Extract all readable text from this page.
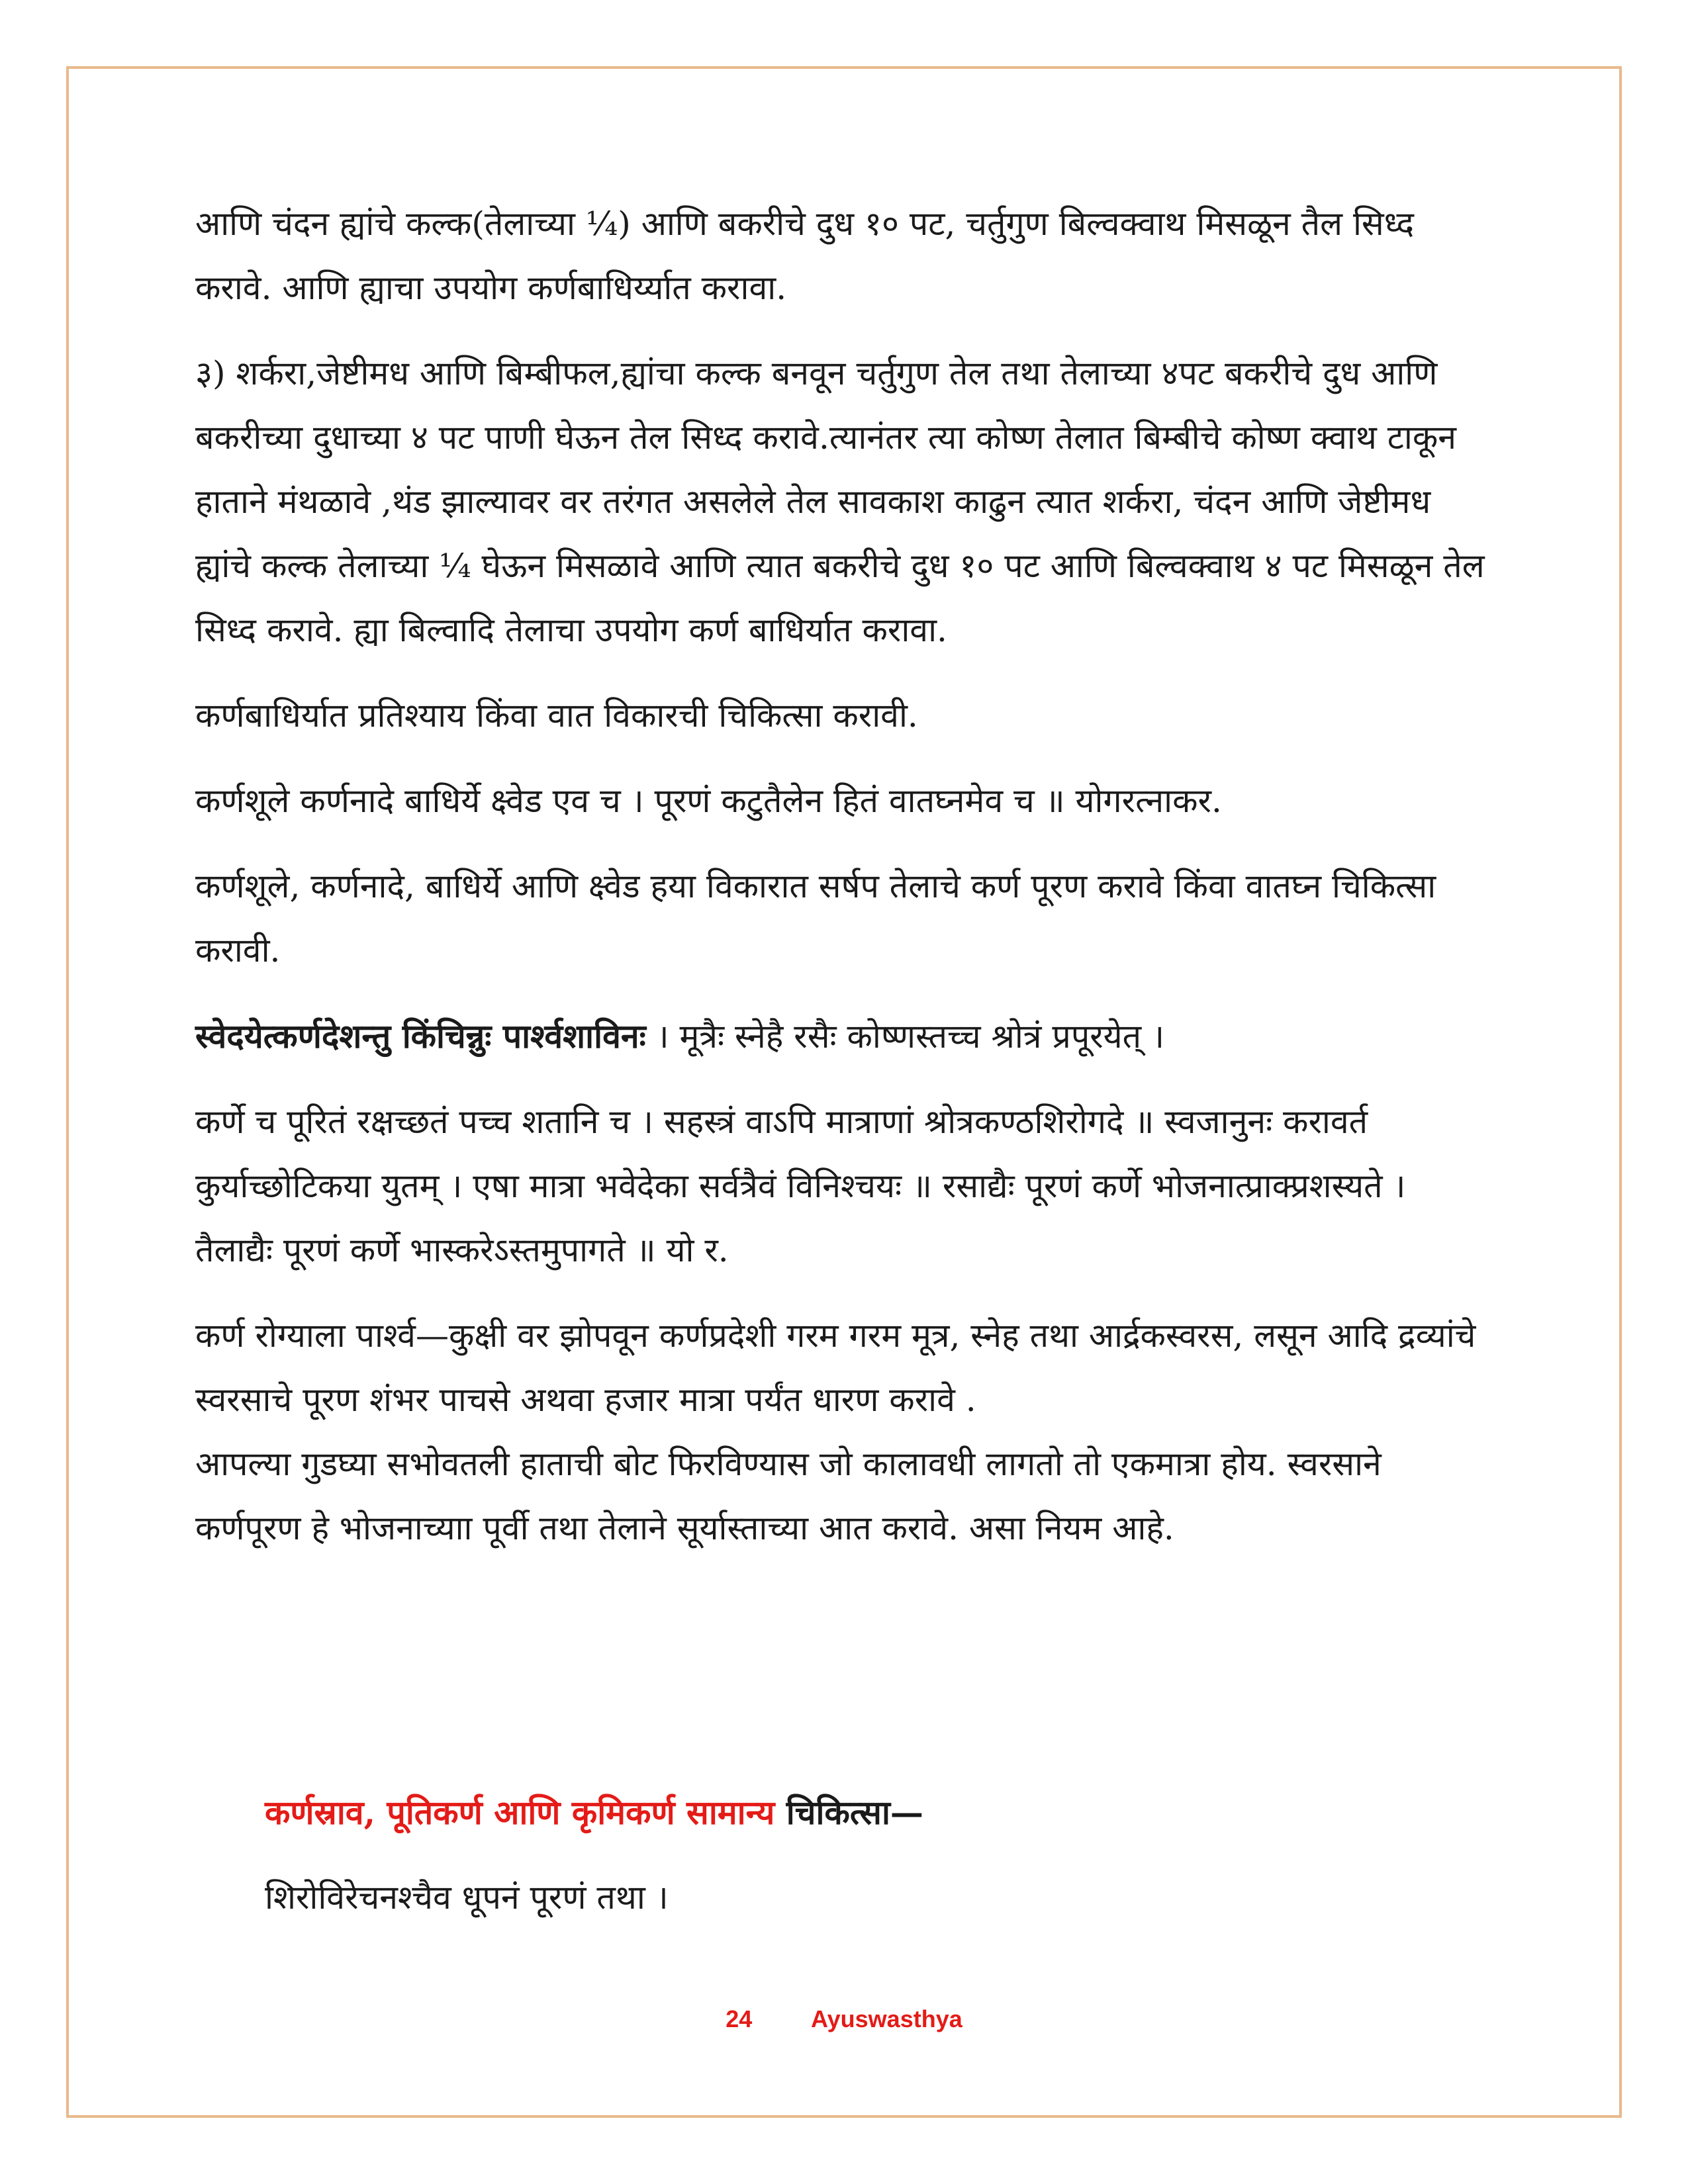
आणि चंदन ह्यांचे कल्क(तेलाच्या ¼) आणि बकरीचे दुध १० पट, चर्तुगुण बिल्वक्वाथ मिसळून तैल सिध्द करावे. आणि ह्याचा उपयोग कर्णबाधिर्य्यात करावा.

३) शर्करा,जेष्टीमध आणि बिम्बीफल,ह्यांचा कल्क बनवून चर्तुगुण तेल तथा तेलाच्या ४पट बकरीचे दुध आणि बकरीच्या दुधाच्या ४ पट पाणी घेऊन तेल सिध्द करावे.त्यानंतर त्या कोष्ण तेलात बिम्बीचे कोष्ण क्वाथ टाकून हाताने मंथळावे ,थंड झाल्यावर वर तरंगत असलेले तेल सावकाश काढुन त्यात शर्करा, चंदन आणि जेष्टीमध ह्यांचे कल्क तेलाच्या ¼ घेऊन मिसळावे आणि त्यात बकरीचे दुध १० पट आणि बिल्वक्वाथ ४ पट मिसळून तेल सिध्द करावे. ह्या बिल्वादि तेलाचा उपयोग कर्ण बाधिर्यात करावा.

कर्णबाधिर्यात प्रतिश्याय किंवा वात विकारची चिकित्सा करावी.

कर्णशूले कर्णनादे बाधिर्ये क्ष्वेड एव च । पूरणं कटुतैलेन हितं वातघ्नमेव च ॥ योगरत्नाकर.

कर्णशूले, कर्णनादे, बाधिर्ये आणि क्ष्वेड हया विकारात सर्षप तेलाचे कर्ण पूरण करावे किंवा वातघ्न चिकित्सा करावी.

स्वेदयेत्कर्णदेशन्तु किंचिन्नुः पार्श्वशाविनः । मूत्रैः स्नेहै रसैः कोष्णस्तच्च श्रोत्रं प्रपूरयेत् ।

कर्णे च पूरितं रक्षच्छतं पच्च शतानि च । सहस्त्रं वाऽपि मात्राणां श्रोत्रकण्ठशिरोगदे ॥ स्वजानुनः करावर्त कुर्याच्छोटिकया युतम् । एषा मात्रा भवेदेका सर्वत्रैवं विनिश्चयः ॥ रसाद्यैः पूरणं कर्णे भोजनात्प्राक्प्रशस्यते । तैलाद्यैः पूरणं कर्णे भास्करेऽस्तमुपागते ॥ यो र.

कर्ण रोग्याला पार्श्व—कुक्षी वर झोपवून कर्णप्रदेशी गरम गरम मूत्र, स्नेह तथा आर्द्रकस्वरस, लसून आदि द्रव्यांचे स्वरसाचे पूरण शंभर पाचसे अथवा हजार मात्रा पर्यंत धारण करावे .

आपल्या गुडघ्या सभोवतली हाताची बोट फिरविण्यास जो कालावधी लागतो तो एकमात्रा होय. स्वरसाने कर्णपूरण हे भोजनाच्याा पूर्वी तथा तेलाने सूर्यास्ताच्या आत करावे. असा नियम आहे.

कर्णस्राव, पूतिकर्ण आणि कृमिकर्ण सामान्य चिकित्सा—

शिरोविरेचनश्चैव धूपनं पूरणं तथा ।

24 Ayuswasthya
